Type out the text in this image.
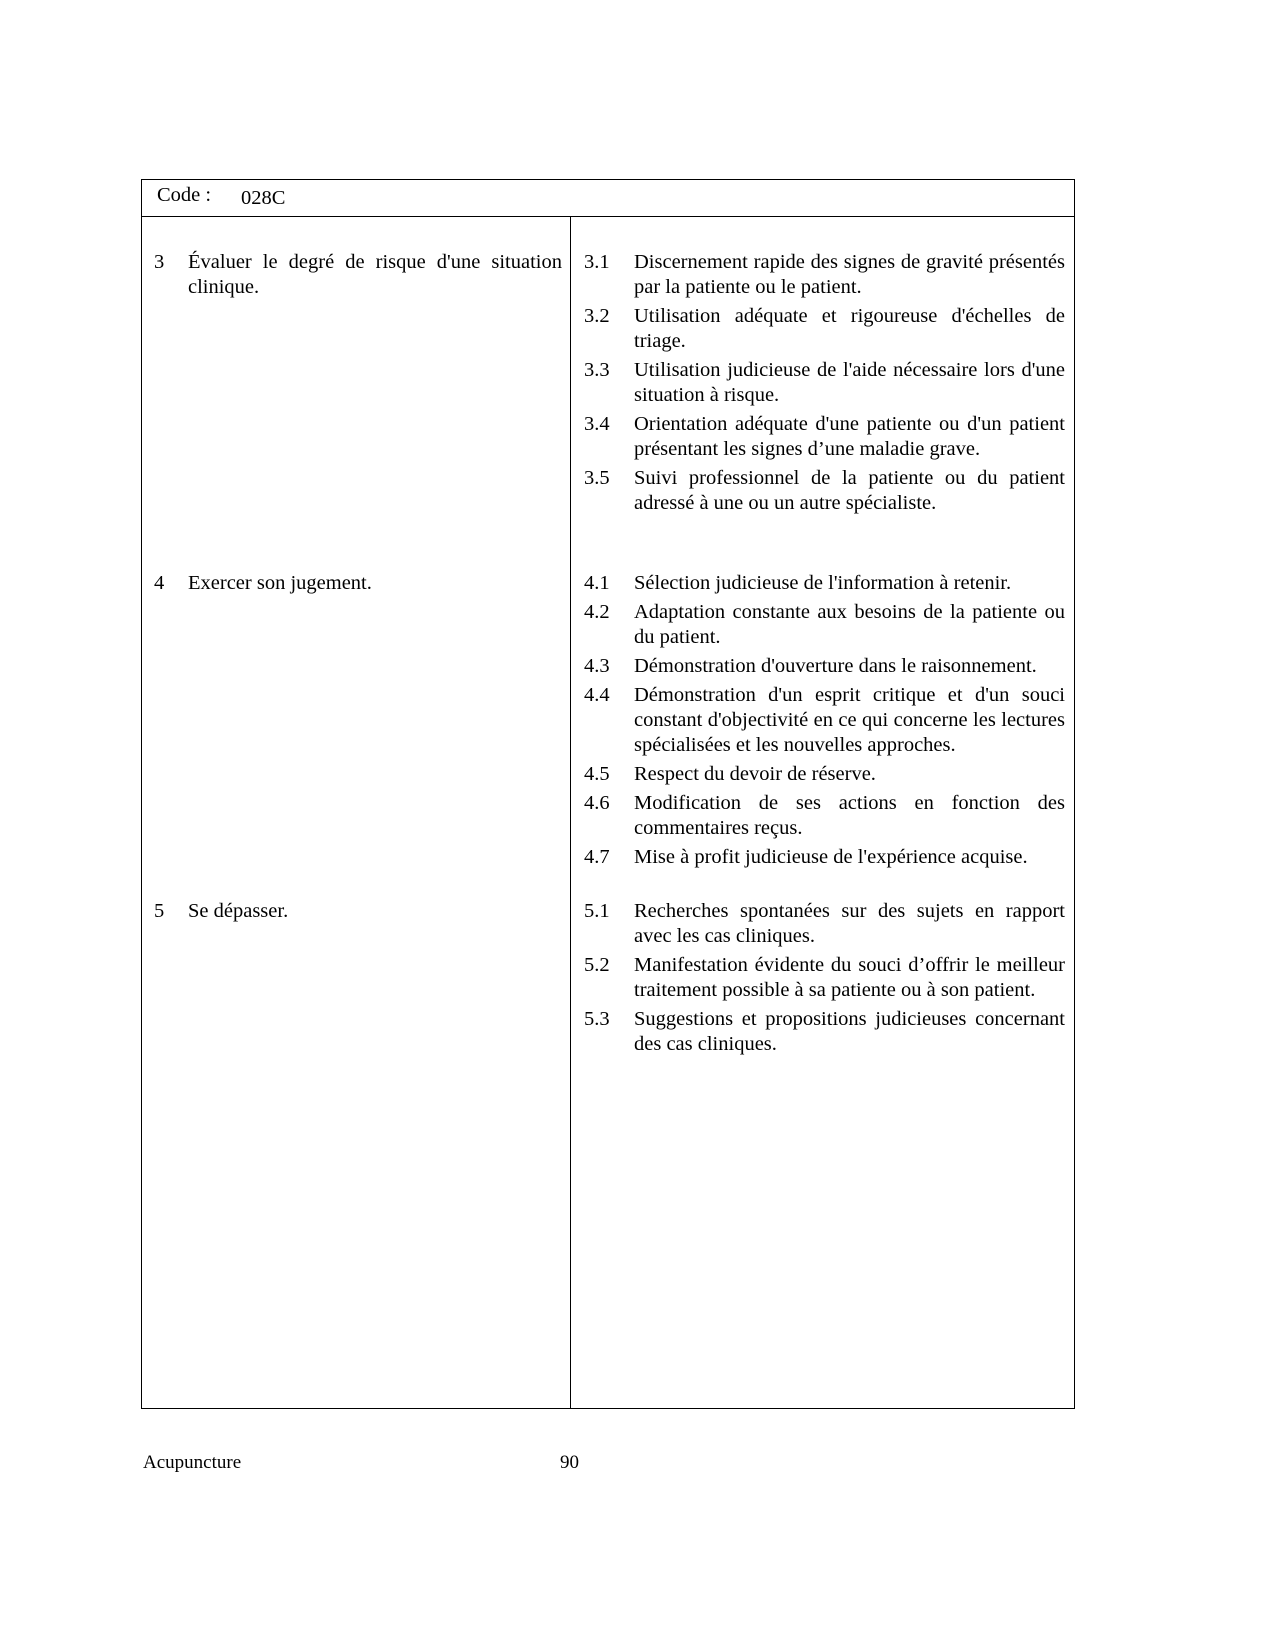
Code : 028C
3 Évaluer le degré de risque d'une situation clinique.
3.1 Discernement rapide des signes de gravité présentés par la patiente ou le patient.
3.2 Utilisation adéquate et rigoureuse d'échelles de triage.
3.3 Utilisation judicieuse de l'aide nécessaire lors d'une situation à risque.
3.4 Orientation adéquate d'une patiente ou d'un patient présentant les signes d’une maladie grave.
3.5 Suivi professionnel de la patiente ou du patient adressé à une ou un autre spécialiste.
4 Exercer son jugement.	4.1 Sélection judicieuse de l'information à retenir.
4.2 Adaptation constante aux besoins de la patiente ou du patient.
4.3 Démonstration d'ouverture dans le raisonnement.
4.4 Démonstration d'un esprit critique et d'un souci constant d'objectivité en ce qui concerne les lectures spécialisées et les nouvelles approches.
4.5 Respect du devoir de réserve.
4.6 Modification de ses actions en fonction des commentaires reçus.
4.7 Mise à profit judicieuse de l'expérience acquise.
5 Se dépasser.	5.1 Recherches spontanées sur des sujets en rapport avec les cas cliniques.
5.2 Manifestation évidente du souci d’offrir le meilleur traitement possible à sa patiente ou à son patient.
5.3 Suggestions et propositions judicieuses concernant des cas cliniques.
Acupuncture	90
